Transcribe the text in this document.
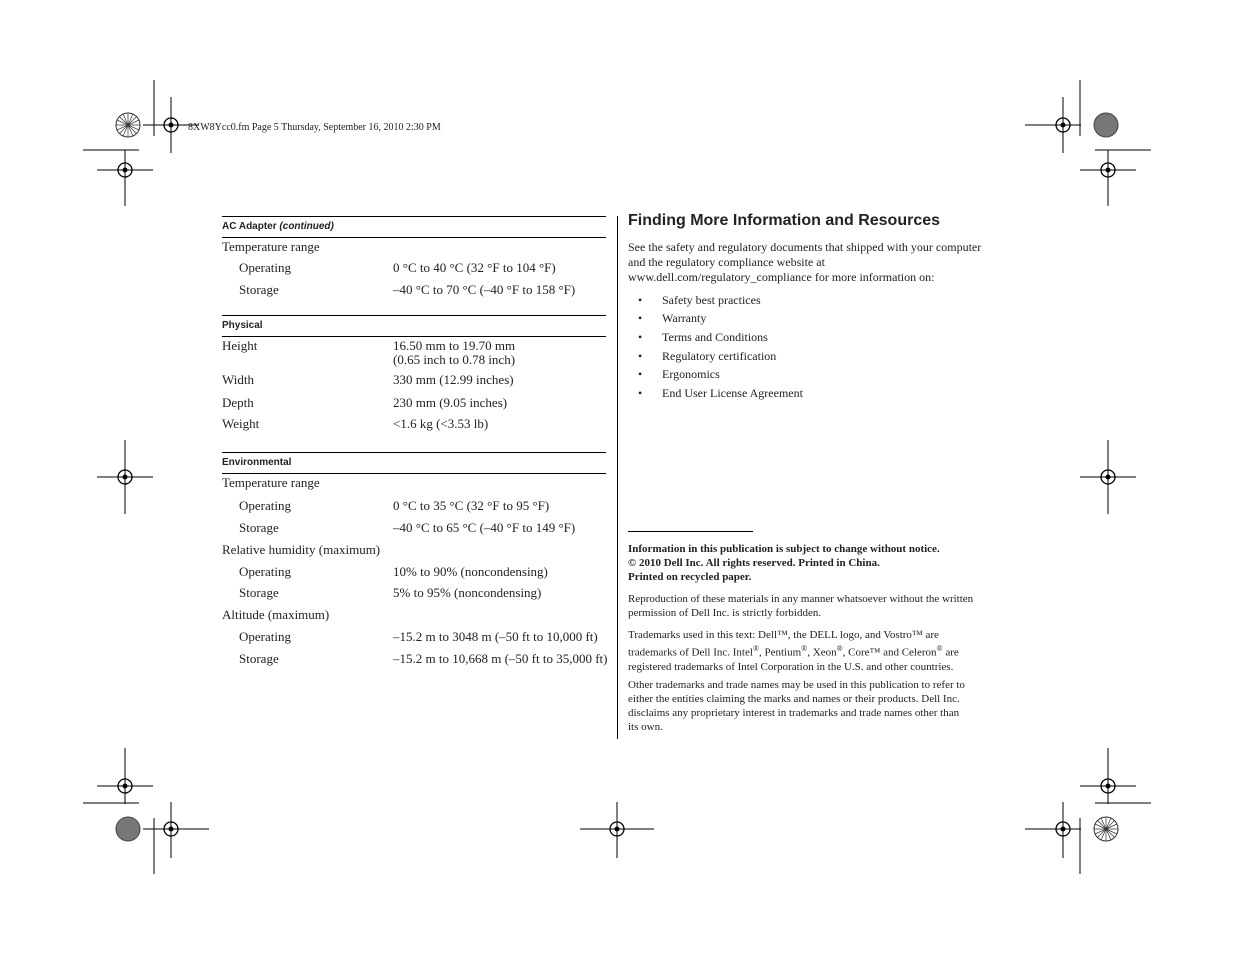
8XW8Ycc0.fm Page 5 Thursday, September 16, 2010 2:30 PM
AC Adapter (continued)
Temperature range
Operating	0 °C to 40 °C (32 °F to 104 °F)
Storage	–40 °C to 70 °C (–40 °F to 158 °F)
Physical
Height	16.50 mm to 19.70 mm
(0.65 inch to 0.78 inch)
Width	330 mm (12.99 inches)
Depth	230 mm (9.05 inches)
Weight	<1.6 kg (<3.53 lb)
Environmental
Temperature range
Operating	0 °C to 35 °C (32 °F to 95 °F)
Storage	–40 °C to 65 °C (–40 °F to 149 °F)
Relative humidity (maximum)
Operating	10% to 90% (noncondensing)
Storage	5% to 95% (noncondensing)
Altitude (maximum)
Operating	–15.2 m to 3048 m (–50 ft to 10,000 ft)
Storage	–15.2 m to 10,668 m (–50 ft to 35,000 ft)
Finding More Information and Resources
See the safety and regulatory documents that shipped with your computer
and the regulatory compliance website at
www.dell.com/regulatory_compliance for more information on:
• Safety best practices
• Warranty
• Terms and Conditions
• Regulatory certification
• Ergonomics
• End User License Agreement
Information in this publication is subject to change without notice.
© 2010 Dell Inc. All rights reserved. Printed in China.
Printed on recycled paper.
Reproduction of these materials in any manner whatsoever without the written
permission of Dell Inc. is strictly forbidden.
Trademarks used in this text: Dell™, the DELL logo, and Vostro™ are
trademarks of Dell Inc. Intel®, Pentium®, Xeon®, Core™ and Celeron® are
registered trademarks of Intel Corporation in the U.S. and other countries.
Other trademarks and trade names may be used in this publication to refer to
either the entities claiming the marks and names or their products. Dell Inc.
disclaims any proprietary interest in trademarks and trade names other than
its own.
